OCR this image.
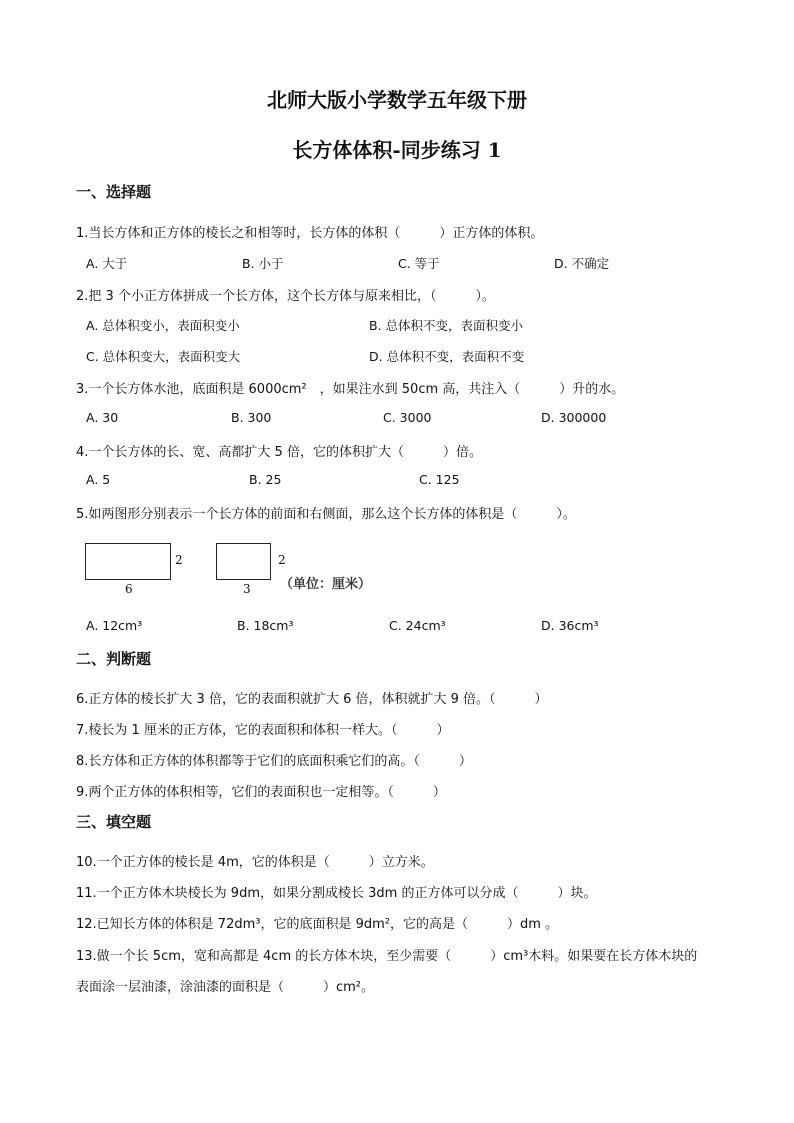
北师大版小学数学五年级下册
长方体体积-同步练习 1
一、选择题
1.当长方体和正方体的棱长之和相等时，长方体的体积（　　　）正方体的体积。
A. 大于	B. 小于	C. 等于	D. 不确定
2.把 3 个小正方体拼成一个长方体，这个长方体与原来相比，（　　　）。
A. 总体积变小，表面积变小	B. 总体积不变，表面积变小
C. 总体积变大，表面积变大	D. 总体积不变，表面积不变
3.一个长方体水池，底面积是 6000cm²　，如果注水到 50cm 高，共注入（　　　）升的水。
A. 30	B. 300	C. 3000	D. 300000
4.一个长方体的长、宽、高都扩大 5 倍，它的体积扩大（　　　）倍。
A. 5	B. 25	C. 125
5.如两图形分别表示一个长方体的前面和右侧面，那么这个长方体的体积是（　　　）。
6
2
3
2
（单位：厘米）
A. 12cm³	B. 18cm³	C. 24cm³	D. 36cm³
二、判断题
6.正方体的棱长扩大 3 倍，它的表面积就扩大 6 倍，体积就扩大 9 倍。（　　　）
7.棱长为 1 厘米的正方体，它的表面积和体积一样大。（　　　）
8.长方体和正方体的体积都等于它们的底面积乘它们的高。（　　　）
9.两个正方体的体积相等，它们的表面积也一定相等。（　　　）
三、填空题
10.一个正方体的棱长是 4m，它的体积是（　　　）立方米。
11.一个正方体木块棱长为 9dm，如果分割成棱长 3dm 的正方体可以分成（　　　）块。
12.已知长方体的体积是 72dm³，它的底面积是 9dm²，它的高是（　　　）dm 。
13.做一个长 5cm，宽和高都是 4cm 的长方体木块，至少需要（　　　）cm³木料。如果要在长方体木块的
表面涂一层油漆，涂油漆的面积是（　　　）cm²。
